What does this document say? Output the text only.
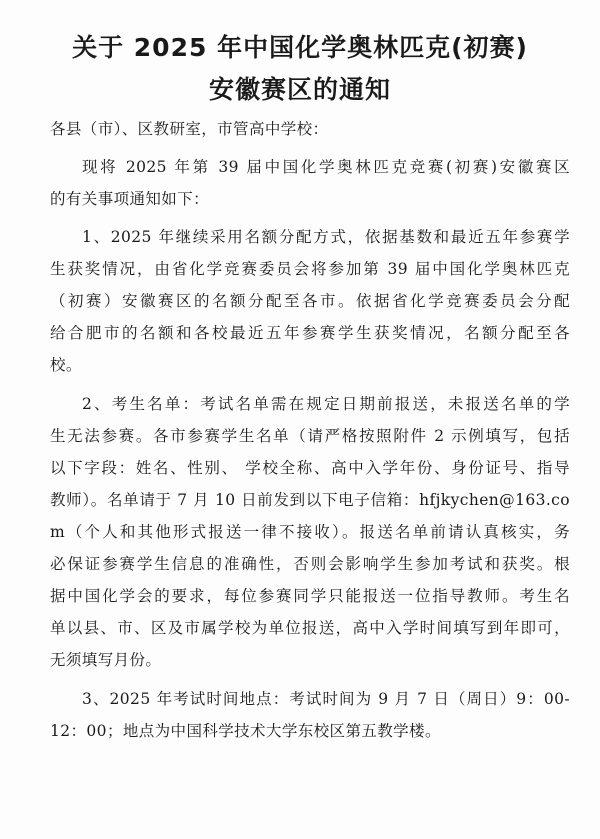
关于 2025 年中国化学奥林匹克(初赛)
安徽赛区的通知
各县（市）、区教研室，市管高中学校：
现将 2025 年第 39 届中国化学奥林匹克竞赛(初赛)安徽赛区
的有关事项通知如下：
1、2025 年继续采用名额分配方式，依据基数和最近五年参赛学
生获奖情况，由省化学竞赛委员会将参加第 39 届中国化学奥林匹克
（初赛）安徽赛区的名额分配至各市。依据省化学竞赛委员会分配
给合肥市的名额和各校最近五年参赛学生获奖情况，名额分配至各
校。
2、考生名单：考试名单需在规定日期前报送，未报送名单的学
生无法参赛。各市参赛学生名单（请严格按照附件 2 示例填写，包括
以下字段：姓名、性别、 学校全称、高中入学年份、身份证号、指导
教师）。名单请于 7 月 10 日前发到以下电子信箱：hfjkychen@163.co
m（个人和其他形式报送一律不接收）。报送名单前请认真核实，务
必保证参赛学生信息的准确性，否则会影响学生参加考试和获奖。根
据中国化学会的要求，每位参赛同学只能报送一位指导教师。考生名
单以县、市、区及市属学校为单位报送，高中入学时间填写到年即可，
无须填写月份。
3、2025 年考试时间地点：考试时间为 9 月 7 日（周日）9：00-
12：00；地点为中国科学技术大学东校区第五教学楼。
